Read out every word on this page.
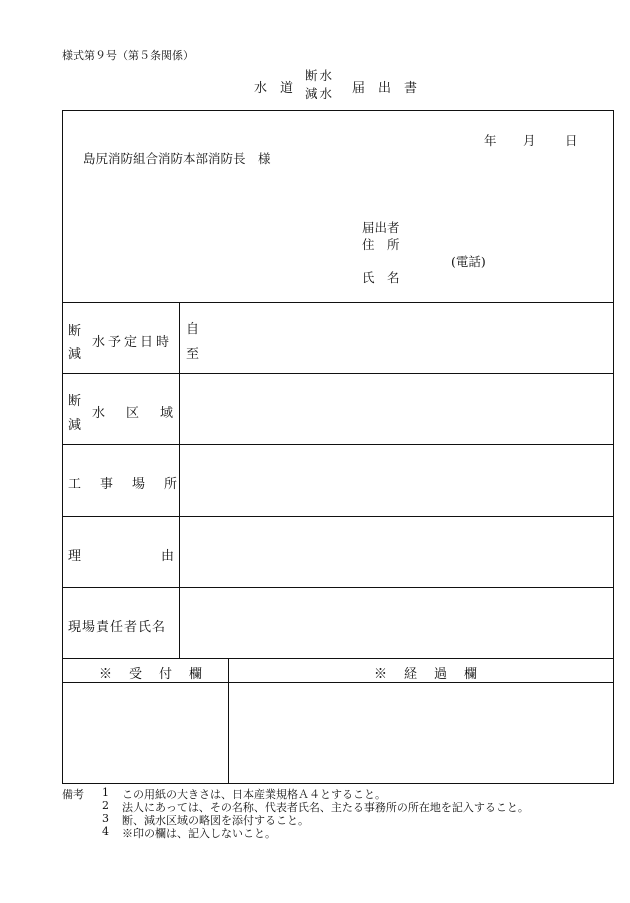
様式第９号（第５条関係）
水　道
断水
減水	届　出　書
年 月 日
島尻消防組合消防本部消防長　様
届出者
住　所
(電話)
氏　名
断
減
水予定日時
自
至
断
減
水　区　域
工　事　場　所
理	由
現場責任者氏名
※　受　付　欄	※　経　過　欄
備考 1 この用紙の大きさは、日本産業規格Ａ４とすること。
2 法人にあっては、その名称、代表者氏名、主たる事務所の所在地を記入すること。
3 断、減水区域の略図を添付すること。
4 ※印の欄は、記入しないこと。
